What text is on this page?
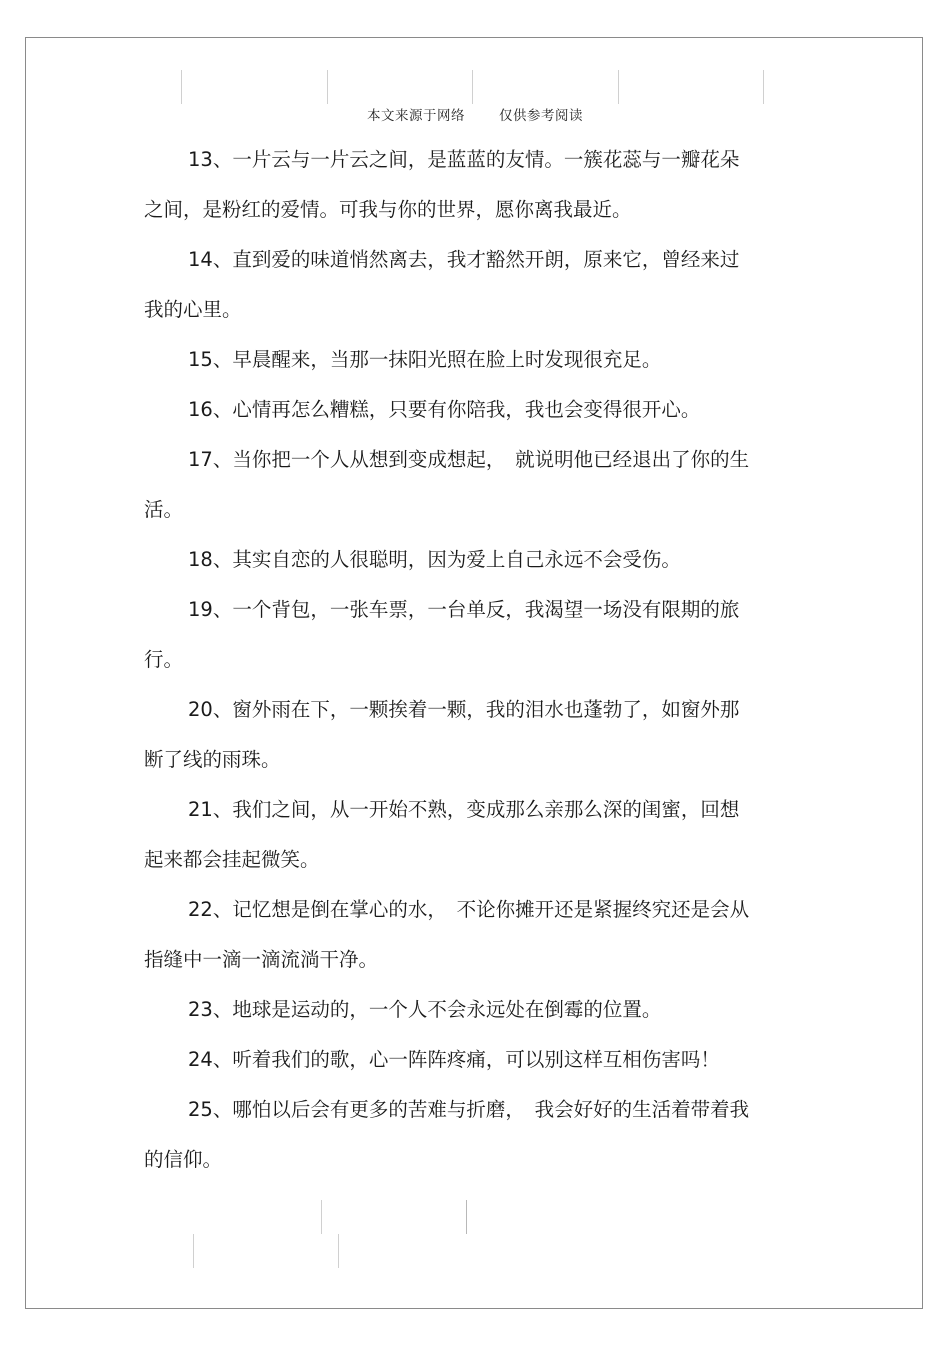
本文来源于网络	仅供参考阅读

13、一片云与一片云之间，是蓝蓝的友情。一簇花蕊与一瓣花朵
之间，是粉红的爱情。可我与你的世界，愿你离我最近。

14、直到爱的味道悄然离去，我才豁然开朗，原来它，曾经来过
我的心里。

15、早晨醒来，当那一抹阳光照在脸上时发现很充足。

16、心情再怎么糟糕，只要有你陪我，我也会变得很开心。

17、当你把一个人从想到变成想起，　就说明他已经退出了你的生
活。

18、其实自恋的人很聪明，因为爱上自己永远不会受伤。

19、一个背包，一张车票，一台单反，我渴望一场没有限期的旅
行。

20、窗外雨在下，一颗挨着一颗，我的泪水也蓬勃了，如窗外那
断了线的雨珠。

21、我们之间，从一开始不熟，变成那么亲那么深的闺蜜，回想
起来都会挂起微笑。

22、记忆想是倒在掌心的水，　不论你摊开还是紧握终究还是会从
指缝中一滴一滴流淌干净。

23、地球是运动的，一个人不会永远处在倒霉的位置。

24、听着我们的歌，心一阵阵疼痛，可以别这样互相伤害吗！

25、哪怕以后会有更多的苦难与折磨，　我会好好的生活着带着我
的信仰。
